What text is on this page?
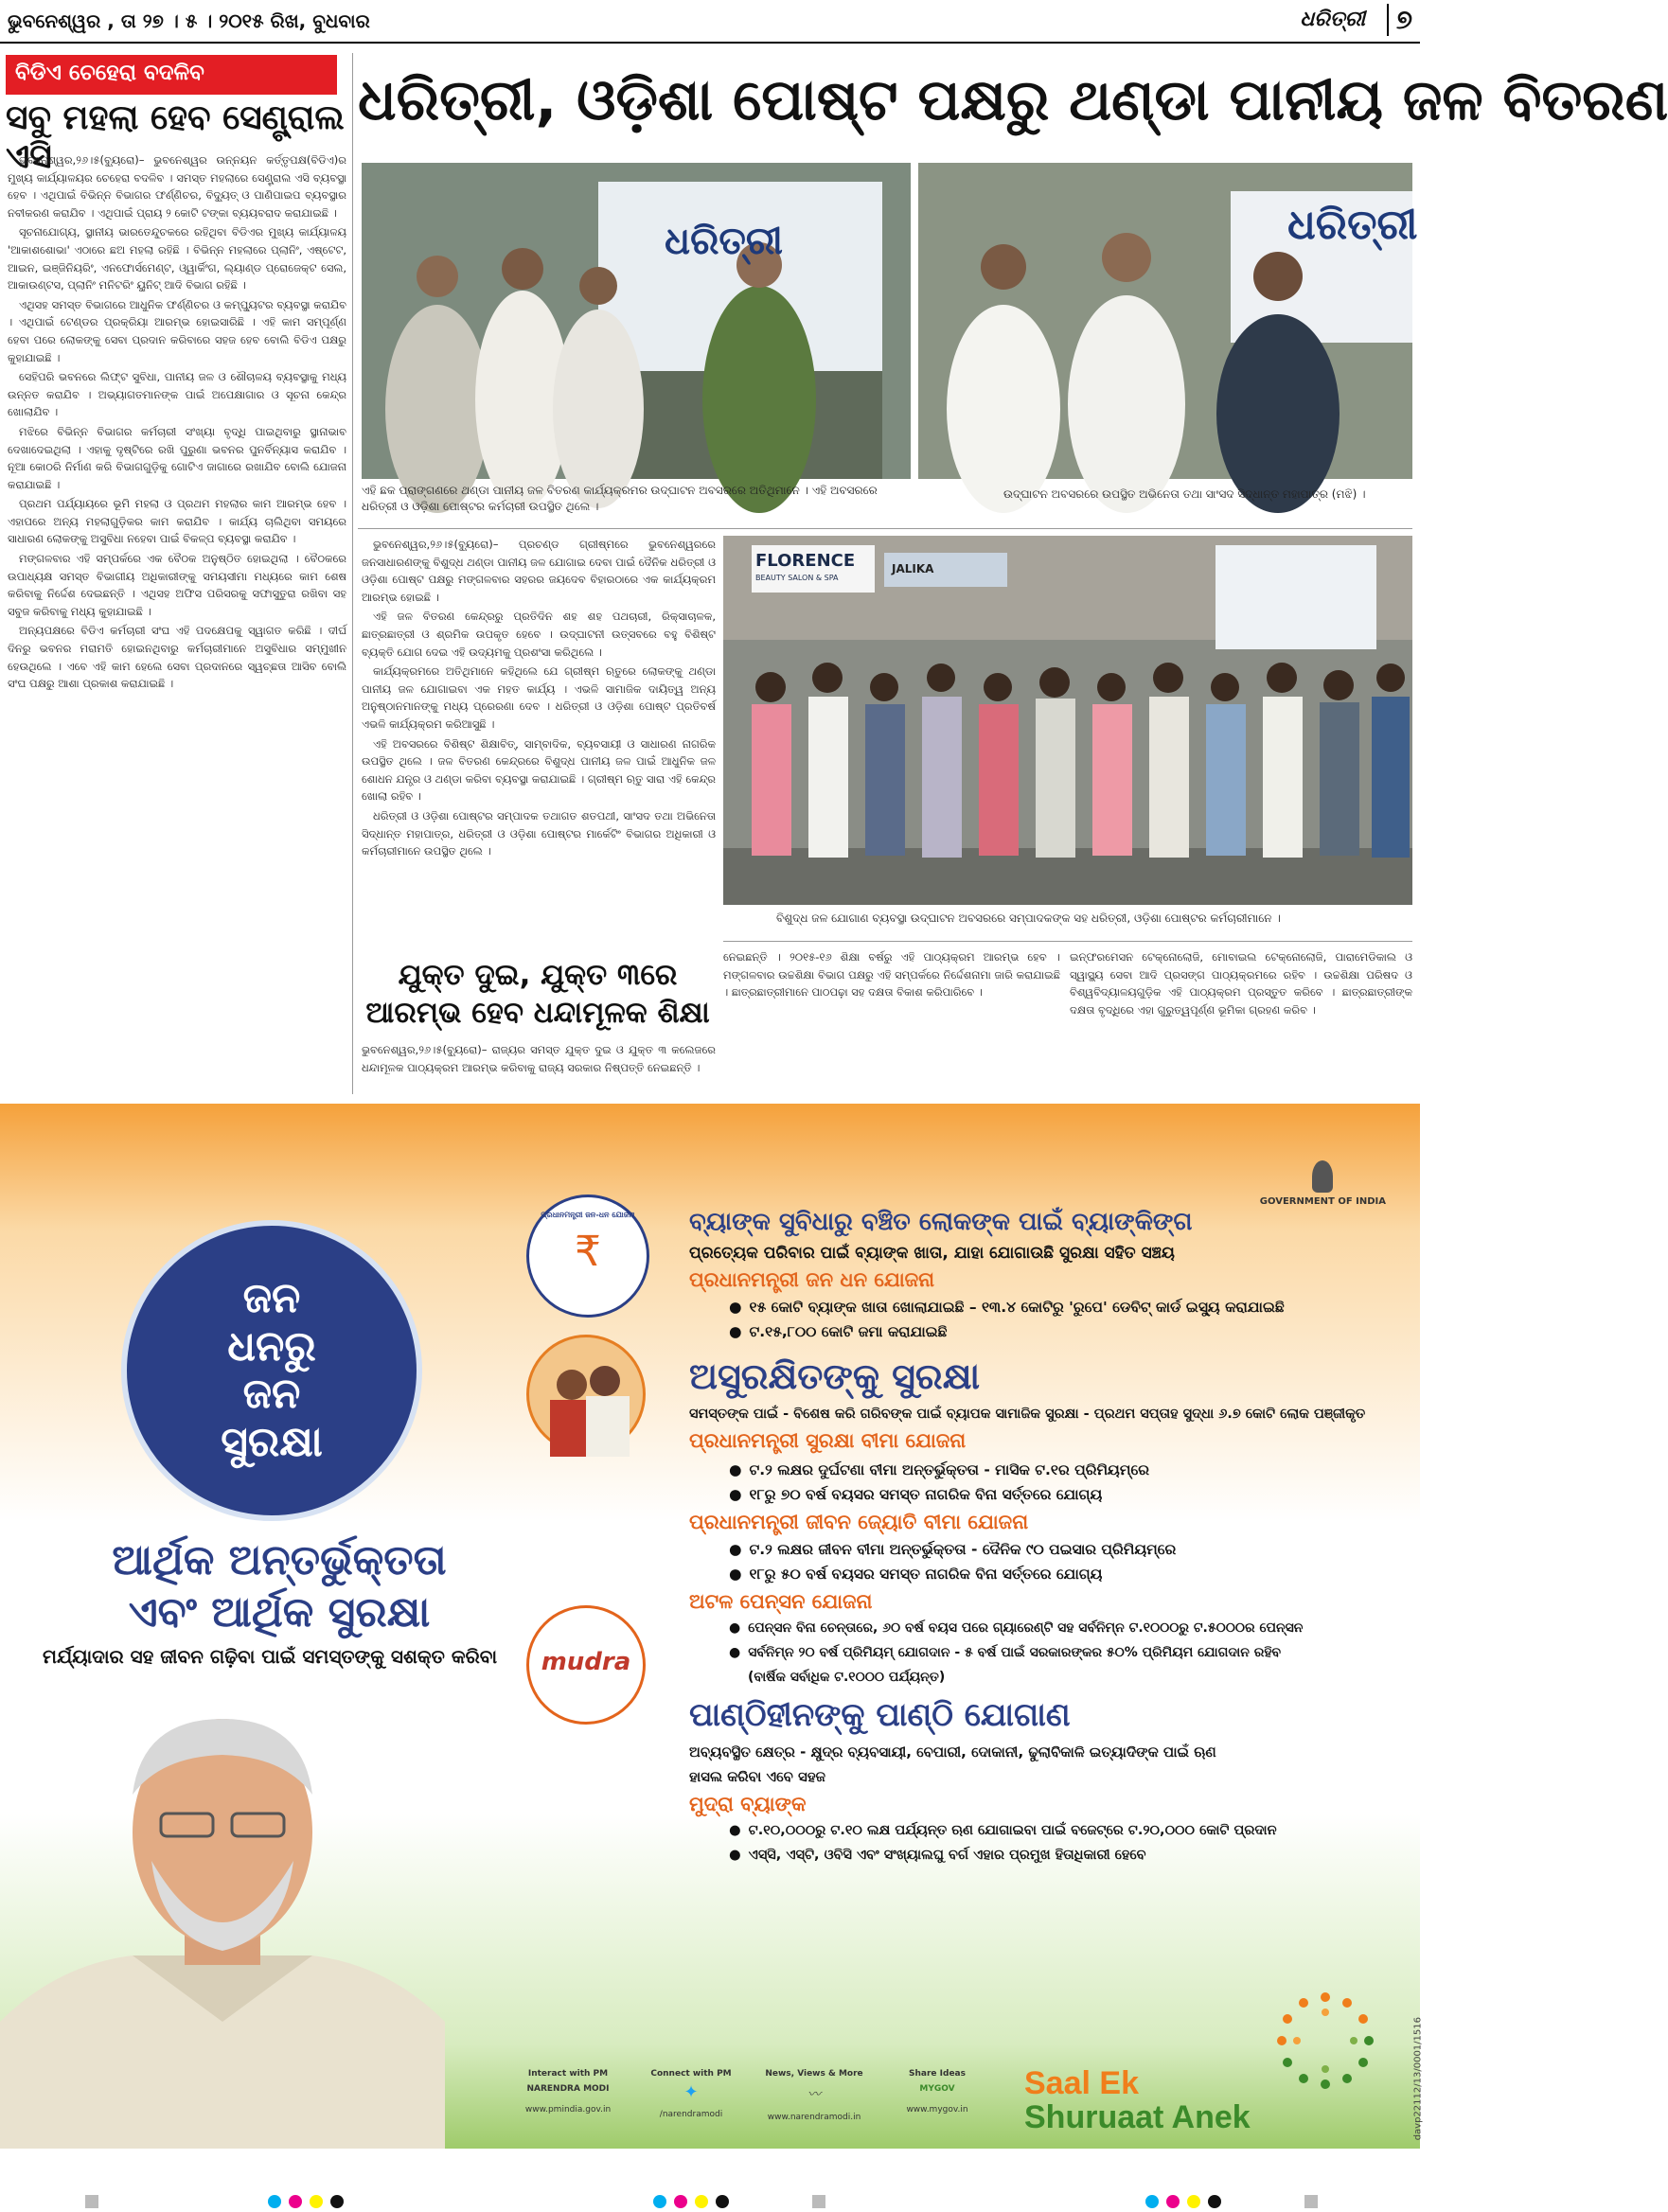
ଭୁବନେଶ୍ୱର , ତା ୨୭ । ୫ । ୨୦୧୫ ରିଖ, ବୁଧବାର	ଧରିତ୍ରୀ	୭
ବିଡିଏ ଚେହେରା ବଦଳିବ
ସବୁ ମହଲା ହେବ ସେଣ୍ଟ୍ରାଲ ଏସି

ଭୁବନେଶ୍ୱର,୨୬।୫(ବ୍ୟୁରୋ)– ଭୁବନେଶ୍ୱର ଉନ୍ନୟନ କର୍ତ୍ତୃପକ୍ଷ(ବିଡିଏ)ର ମୁଖ୍ୟ କାର୍ଯ୍ୟାଳୟର ଚେହେରା ବଦଳିବ । ସମସ୍ତ ମହଲାରେ ସେଣ୍ଟ୍ରାଲ ଏସି ବ୍ୟବସ୍ଥା ହେବ । ଏଥିପାଇଁ ବିଭିନ୍ନ ବିଭାଗର ଫର୍ଣ୍ଣିଚର, ବିଦ୍ୟୁତ୍ ଓ ପାଣିପାଇପ ବ୍ୟବସ୍ଥାର ନବୀକରଣ କରାଯିବ । ଏଥିପାଇଁ ପ୍ରାୟ ୨ କୋଟି ଟଙ୍କା ବ୍ୟୟବରାଦ କରାଯାଇଛି ।

ସୂଚନାଯୋଗ୍ୟ, ସ୍ଥାନୀୟ ଭାରତେନ୍ଦୁଚକରେ ରହିଥିବା ବିଡିଏର ମୁଖ୍ୟ କାର୍ଯ୍ୟାଳୟ 'ଆକାଶଶୋଭା' ଏଠାରେ ଛଅ ମହଲା ରହିଛି । ବିଭିନ୍ନ ମହଲାରେ ପ୍ଲାନିଂ, ଏଷ୍ଟେଟ, ଆଇନ, ଇଞ୍ଜିନିୟରିଂ, ଏନଫୋର୍ସମେଣ୍ଟ, ଓ୍ୱାର୍କିଂଗ, ଲ୍ୟାଣ୍ଡ ପ୍ରୋଜେକ୍ଟ ସେଲ, ଆକାଉଣ୍ଟସ, ପ୍ଲାନିଂ ମନିଟରିଂ ୟୁନିଟ୍ ଆଦି ବିଭାଗ ରହିଛି ।

ଏଥିସହ ସମସ୍ତ ବିଭାଗରେ ଆଧୁନିକ ଫର୍ଣ୍ଣିଚର ଓ କମ୍ପ୍ୟୁଟର ବ୍ୟବସ୍ଥା କରାଯିବ । ଏଥିପାଇଁ ଟେଣ୍ଡର ପ୍ରକ୍ରିୟା ଆରମ୍ଭ ହୋଇସାରିଛି । ଏହି କାମ ସମ୍ପୂର୍ଣ୍ଣ ହେବା ପରେ ଲୋକଙ୍କୁ ସେବା ପ୍ରଦାନ କରିବାରେ ସହଜ ହେବ ବୋଲି ବିଡିଏ ପକ୍ଷରୁ କୁହାଯାଇଛି ।

ସେହିପରି ଭବନରେ ଲିଫ୍ଟ ସୁବିଧା, ପାନୀୟ ଜଳ ଓ ଶୌଚାଳୟ ବ୍ୟବସ୍ଥାକୁ ମଧ୍ୟ ଉନ୍ନତ କରାଯିବ । ଅଭ୍ୟାଗତମାନଙ୍କ ପାଇଁ ଅପେକ୍ଷାଗାର ଓ ସୂଚନା କେନ୍ଦ୍ର ଖୋଲାଯିବ ।

ମଝିରେ ବିଭିନ୍ନ ବିଭାଗର କର୍ମଚାରୀ ସଂଖ୍ୟା ବୃଦ୍ଧି ପାଇଥିବାରୁ ସ୍ଥାନାଭାବ ଦେଖାଦେଇଥିଲା । ଏହାକୁ ଦୃଷ୍ଟିରେ ରଖି ପୁରୁଣା ଭବନର ପୁନର୍ବିନ୍ୟାସ କରାଯିବ । ନୂଆ କୋଠରି ନିର୍ମାଣ କରି ବିଭାଗଗୁଡ଼ିକୁ ଗୋଟିଏ ଜାଗାରେ ରଖାଯିବ ବୋଲି ଯୋଜନା କରାଯାଇଛି ।

ପ୍ରଥମ ପର୍ଯ୍ୟାୟରେ ଭୂମି ମହଲା ଓ ପ୍ରଥମ ମହଲାର କାମ ଆରମ୍ଭ ହେବ । ଏହାପରେ ଅନ୍ୟ ମହଲାଗୁଡ଼ିକର କାମ କରାଯିବ । କାର୍ଯ୍ୟ ଚାଲିଥିବା ସମୟରେ ସାଧାରଣ ଲୋକଙ୍କୁ ଅସୁବିଧା ନହେବା ପାଇଁ ବିକଳ୍ପ ବ୍ୟବସ୍ଥା କରାଯିବ ।

ମଙ୍ଗଳବାର ଏହି ସମ୍ପର୍କରେ ଏକ ବୈଠକ ଅନୁଷ୍ଠିତ ହୋଇଥିଲା । ବୈଠକରେ ଉପାଧ୍ୟକ୍ଷ ସମସ୍ତ ବିଭାଗୀୟ ଅଧିକାରୀଙ୍କୁ ସମୟସୀମା ମଧ୍ୟରେ କାମ ଶେଷ କରିବାକୁ ନିର୍ଦ୍ଦେଶ ଦେଇଛନ୍ତି । ଏଥିସହ ଅଫିସ ପରିସରକୁ ସଫାସୁତୁରା ରଖିବା ସହ ସବୁଜ କରିବାକୁ ମଧ୍ୟ କୁହାଯାଇଛି ।

ଅନ୍ୟପକ୍ଷରେ ବିଡିଏ କର୍ମଚାରୀ ସଂଘ ଏହି ପଦକ୍ଷେପକୁ ସ୍ୱାଗତ କରିଛି । ଦୀର୍ଘ ଦିନରୁ ଭବନର ମରାମତି ହୋଇନଥିବାରୁ କର୍ମଚାରୀମାନେ ଅସୁବିଧାର ସମ୍ମୁଖୀନ ହେଉଥିଲେ । ଏବେ ଏହି କାମ ହେଲେ ସେବା ପ୍ରଦାନରେ ସ୍ୱଚ୍ଛତା ଆସିବ ବୋଲି ସଂଘ ପକ୍ଷରୁ ଆଶା ପ୍ରକାଶ କରାଯାଇଛି ।

ଧରିତ୍ରୀ, ଓଡ଼ିଶା ପୋଷ୍ଟ ପକ୍ଷରୁ ଥଣ୍ଡା ପାନୀୟ ଜଳ ବିତରଣ
ଧରିତ୍ରୀ
ଏହି ଛକ ପ୍ରାଙ୍ଗଣରେ ଥଣ୍ଡା ପାନୀୟ ଜଳ ବିତରଣ କାର୍ଯ୍ୟକ୍ରମର ଉଦ୍‌ଘାଟନ ଅବସରରେ ଅତିଥିମାନେ । ଏହି ଅବସରରେ ଧରିତ୍ରୀ ଓ ଓଡ଼ିଶା ପୋଷ୍ଟର କର୍ମଚାରୀ ଉପସ୍ଥିତ ଥିଲେ ।
ଧରିତ୍ରୀ
ଉଦ୍‌ଘାଟନ ଅବସରରେ ଉପସ୍ଥିତ ଅଭିନେତା ତଥା ସାଂସଦ ସିଦ୍ଧାନ୍ତ ମହାପାତ୍ର (ମଝି) ।

ଭୁବନେଶ୍ୱର,୨୬।୫(ବ୍ୟୁରୋ)– ପ୍ରଚଣ୍ଡ ଗ୍ରୀଷ୍ମରେ ଭୁବନେଶ୍ୱରରେ ଜନସାଧାରଣଙ୍କୁ ବିଶୁଦ୍ଧ ଥଣ୍ଡା ପାନୀୟ ଜଳ ଯୋଗାଇ ଦେବା ପାଇଁ ଦୈନିକ ଧରିତ୍ରୀ ଓ ଓଡ଼ିଶା ପୋଷ୍ଟ ପକ୍ଷରୁ ମଙ୍ଗଳବାର ସହରର ଜୟଦେବ ବିହାରଠାରେ ଏକ କାର୍ଯ୍ୟକ୍ରମ ଆରମ୍ଭ ହୋଇଛି ।

ଏହି ଜଳ ବିତରଣ କେନ୍ଦ୍ରରୁ ପ୍ରତିଦିନ ଶହ ଶହ ପଥଚାରୀ, ରିକ୍ସାଚାଳକ, ଛାତ୍ରଛାତ୍ରୀ ଓ ଶ୍ରମିକ ଉପକୃତ ହେବେ । ଉଦ୍‌ଘାଟନୀ ଉତ୍ସବରେ ବହୁ ବିଶିଷ୍ଟ ବ୍ୟକ୍ତି ଯୋଗ ଦେଇ ଏହି ଉଦ୍ୟମକୁ ପ୍ରଶଂସା କରିଥିଲେ ।

କାର୍ଯ୍ୟକ୍ରମରେ ଅତିଥିମାନେ କହିଥିଲେ ଯେ ଗ୍ରୀଷ୍ମ ଋତୁରେ ଲୋକଙ୍କୁ ଥଣ୍ଡା ପାନୀୟ ଜଳ ଯୋଗାଇବା ଏକ ମହତ କାର୍ଯ୍ୟ । ଏଭଳି ସାମାଜିକ ଦାୟିତ୍ୱ ଅନ୍ୟ ଅନୁଷ୍ଠାନମାନଙ୍କୁ ମଧ୍ୟ ପ୍ରେରଣା ଦେବ । ଧରିତ୍ରୀ ଓ ଓଡ଼ିଶା ପୋଷ୍ଟ ପ୍ରତିବର୍ଷ ଏଭଳି କାର୍ଯ୍ୟକ୍ରମ କରିଆସୁଛି ।

ଏହି ଅବସରରେ ବିଶିଷ୍ଟ ଶିକ୍ଷାବିତ୍, ସାମ୍ବାଦିକ, ବ୍ୟବସାୟୀ ଓ ସାଧାରଣ ନାଗରିକ ଉପସ୍ଥିତ ଥିଲେ । ଜଳ ବିତରଣ କେନ୍ଦ୍ରରେ ବିଶୁଦ୍ଧ ପାନୀୟ ଜଳ ପାଇଁ ଆଧୁନିକ ଜଳ ଶୋଧନ ଯନ୍ତ୍ର ଓ ଥଣ୍ଡା କରିବା ବ୍ୟବସ୍ଥା କରାଯାଇଛି । ଗ୍ରୀଷ୍ମ ଋତୁ ସାରା ଏହି କେନ୍ଦ୍ର ଖୋଲା ରହିବ ।

ଧରିତ୍ରୀ ଓ ଓଡ଼ିଶା ପୋଷ୍ଟର ସମ୍ପାଦକ ତଥାଗତ ଶତପଥୀ, ସାଂସଦ ତଥା ଅଭିନେତା ସିଦ୍ଧାନ୍ତ ମହାପାତ୍ର, ଧରିତ୍ରୀ ଓ ଓଡ଼ିଶା ପୋଷ୍ଟର ମାର୍କେଟିଂ ବିଭାଗର ଅଧିକାରୀ ଓ କର୍ମଚାରୀମାନେ ଉପସ୍ଥିତ ଥିଲେ ।

FLORENCE
BEAUTY SALON & SPA
JALIKA
ବିଶୁଦ୍ଧ ଜଳ ଯୋଗାଣ ବ୍ୟବସ୍ଥା ଉଦ୍‌ଘାଟନ ଅବସରରେ ସମ୍ପାଦକଙ୍କ ସହ ଧରିତ୍ରୀ, ଓଡ଼ିଶା ପୋଷ୍ଟର କର୍ମଚାରୀମାନେ ।
ଯୁକ୍ତ ଦୁଇ, ଯୁକ୍ତ ୩ରେ ଆରମ୍ଭ ହେବ ଧନ୍ଦାମୂଳକ ଶିକ୍ଷା
ଭୁବନେଶ୍ୱର,୨୬।୫(ବ୍ୟୁରୋ)– ରାଜ୍ୟର ସମସ୍ତ ଯୁକ୍ତ ଦୁଇ ଓ ଯୁକ୍ତ ୩ କଲେଜରେ ଧନ୍ଦାମୂଳକ ପାଠ୍ୟକ୍ରମ ଆରମ୍ଭ କରିବାକୁ ରାଜ୍ୟ ସରକାର ନିଷ୍ପତ୍ତି ନେଇଛନ୍ତି ।
ନେଇଛନ୍ତି । ୨୦୧୫-୧୬ ଶିକ୍ଷା ବର୍ଷରୁ ଏହି ପାଠ୍ୟକ୍ରମ ଆରମ୍ଭ ହେବ । ମଙ୍ଗଳବାର ଉଚ୍ଚଶିକ୍ଷା ବିଭାଗ ପକ୍ଷରୁ ଏହି ସମ୍ପର୍କରେ ନିର୍ଦ୍ଦେଶନାମା ଜାରି କରାଯାଇଛି । ଛାତ୍ରଛାତ୍ରୀମାନେ ପାଠପଢ଼ା ସହ ଦକ୍ଷତା ବିକାଶ କରିପାରିବେ ।
ଇନ୍‌ଫରମେସନ ଟେକ୍ନୋଲୋଜି, ମୋବାଇଲ ଟେକ୍ନୋଲୋଜି, ପାରାମେଡିକାଲ ଓ ସ୍ୱାସ୍ଥ୍ୟ ସେବା ଆଦି ପ୍ରସଙ୍ଗ ପାଠ୍ୟକ୍ରମରେ ରହିବ । ଉଚ୍ଚଶିକ୍ଷା ପରିଷଦ ଓ ବିଶ୍ୱବିଦ୍ୟାଳୟଗୁଡ଼ିକ ଏହି ପାଠ୍ୟକ୍ରମ ପ୍ରସ୍ତୁତ କରିବେ । ଛାତ୍ରଛାତ୍ରୀଙ୍କ ଦକ୍ଷତା ବୃଦ୍ଧିରେ ଏହା ଗୁରୁତ୍ୱପୂର୍ଣ୍ଣ ଭୂମିକା ଗ୍ରହଣ କରିବ ।
GOVERNMENT OF INDIA
ଜନ
ଧନରୁ
ଜନ
ସୁରକ୍ଷା
ଆର୍ଥିକ ଅନ୍ତର୍ଭୁକ୍ତତା
ଏବଂ ଆର୍ଥିକ ସୁରକ୍ଷା
ମର୍ଯ୍ୟାଦାର ସହ ଜୀବନ ଗଢ଼ିବା ପାଇଁ ସମସ୍ତଙ୍କୁ ସଶକ୍ତ କରିବା
ପ୍ରଧାନମନ୍ତ୍ରୀ ଜନ-ଧନ ଯୋଜନା
₹
mudra
ବ୍ୟାଙ୍କ ସୁବିଧାରୁ ବଞ୍ଚିତ ଲୋକଙ୍କ ପାଇଁ ବ୍ୟାଙ୍କିଙ୍ଗ
ପ୍ରତ୍ୟେକ ପରିବାର ପାଇଁ ବ୍ୟାଙ୍କ ଖାତା, ଯାହା ଯୋଗାଉଛି ସୁରକ୍ଷା ସହିତ ସଞ୍ଚୟ
ପ୍ରଧାନମନ୍ତ୍ରୀ ଜନ ଧନ ଯୋଜନା
● ୧୫ କୋଟି ବ୍ୟାଙ୍କ ଖାତା ଖୋଲାଯାଇଛି – ୧୩.୪ କୋଟିରୁ 'ରୁପେ' ଡେବିଟ୍ କାର୍ଡ ଇସ୍ୟୁ କରାଯାଇଛି
● ଟ.୧୫,୮୦୦ କୋଟି ଜମା କରାଯାଇଛି
ଅସୁରକ୍ଷିତଙ୍କୁ ସୁରକ୍ଷା
ସମସ୍ତଙ୍କ ପାଇଁ - ବିଶେଷ କରି ଗରିବଙ୍କ ପାଇଁ ବ୍ୟାପକ ସାମାଜିକ ସୁରକ୍ଷା - ପ୍ରଥମ ସପ୍ତାହ ସୁଦ୍ଧା ୬.୭ କୋଟି ଲୋକ ପଞ୍ଜୀକୃତ
ପ୍ରଧାନମନ୍ତ୍ରୀ ସୁରକ୍ଷା ବୀମା ଯୋଜନା
● ଟ.୨ ଲକ୍ଷର ଦୁର୍ଘଟଣା ବୀମା ଅନ୍ତର୍ଭୁକ୍ତତା - ମାସିକ ଟ.୧ର ପ୍ରିମିୟମ୍‌ରେ
● ୧୮ରୁ ୭୦ ବର୍ଷ ବୟସର ସମସ୍ତ ନାଗରିକ ବିନା ସର୍ତ୍ତରେ ଯୋଗ୍ୟ
ପ୍ରଧାନମନ୍ତ୍ରୀ ଜୀବନ ଜ୍ୟୋତି ବୀମା ଯୋଜନା
● ଟ.୨ ଲକ୍ଷର ଜୀବନ ବୀମା ଅନ୍ତର୍ଭୁକ୍ତତା - ଦୈନିକ ୯୦ ପଇସାର ପ୍ରିମିୟମ୍‌ରେ
● ୧୮ରୁ ୫୦ ବର୍ଷ ବୟସର ସମସ୍ତ ନାଗରିକ ବିନା ସର୍ତ୍ତରେ ଯୋଗ୍ୟ
ଅଟଳ ପେନ୍‌ସନ ଯୋଜନା
● ପେନ୍‌ସନ ବିନା ଚେନ୍ତାରେ, ୬୦ ବର୍ଷ ବୟସ ପରେ ଗ୍ୟାରେଣ୍ଟି ସହ ସର୍ବନିମ୍ନ ଟ.୧୦୦୦ରୁ ଟ.୫୦୦୦ର ପେନ୍‌ସନ
● ସର୍ବନିମ୍ନ ୨୦ ବର୍ଷ ପ୍ରିମିୟମ୍ ଯୋଗଦାନ - ୫ ବର୍ଷ ପାଇଁ ସରକାରଙ୍କର ୫୦% ପ୍ରିମିୟମ ଯୋଗଦାନ ରହିବ
(ବାର୍ଷିକ ସର୍ବାଧିକ ଟ.୧୦୦୦ ପର୍ଯ୍ୟନ୍ତ)
ପାଣ୍ଠିହୀନଙ୍କୁ ପାଣ୍ଠି ଯୋଗାଣ
ଅବ୍ୟବସ୍ଥିତ କ୍ଷେତ୍ର - କ୍ଷୁଦ୍ର ବ୍ୟବସାୟୀ, ବେପାରୀ, ଦୋକାନୀ, ଢୁଲାବିକାଳି ଇତ୍ୟାଦିଙ୍କ ପାଇଁ ଋଣ
ହାସଲ କରିବା ଏବେ ସହଜ
ମୁଦ୍ରା ବ୍ୟାଙ୍କ
● ଟ.୧୦,୦୦୦ରୁ ଟ.୧୦ ଲକ୍ଷ ପର୍ଯ୍ୟନ୍ତ ଋଣ ଯୋଗାଇବା ପାଇଁ ବଜେଟ୍‌ରେ ଟ.୨୦,୦୦୦ କୋଟି ପ୍ରଦାନ
● ଏସ୍‌ସି, ଏସ୍‌ଟି, ଓବିସି ଏବଂ ସଂଖ୍ୟାଲଘୁ ବର୍ଗ ଏହାର ପ୍ରମୁଖ ହିତାଧିକାରୀ ହେବେ
Interact with PM
NARENDRA MODI
www.pmindia.gov.in
Connect with PM
✦
/narendramodi
News, Views & More
〰
www.narendramodi.in
Share Ideas
MYGOV
www.mygov.in
Saal Ek
Shuruaat Anek	davp22112/13/0001/1516
